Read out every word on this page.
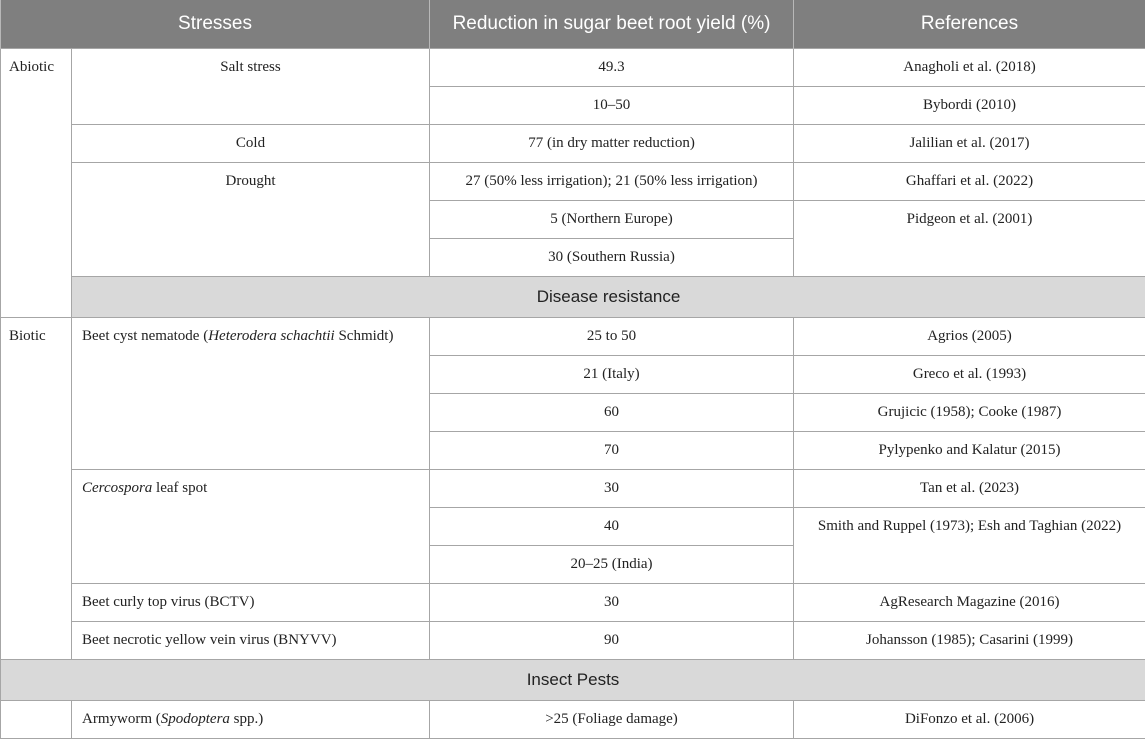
Stresses		Reduction in sugar beet root yield (%)	References
Abiotic	Salt stress	49.3	Anagholi et al. (2018)
		10–50	Bybordi (2010)
	Cold	77 (in dry matter reduction)	Jalilian et al. (2017)
	Drought	27 (50% less irrigation); 21 (50% less irrigation)	Ghaffari et al. (2022)
		5 (Northern Europe)	Pidgeon et al. (2001)
		30 (Southern Russia)	
	Disease resistance		
Biotic	Beet cyst nematode (Heterodera schachtii Schmidt)	25 to 50	Agrios (2005)
		21 (Italy)	Greco et al. (1993)
		60	Grujicic (1958); Cooke (1987)
		70	Pylypenko and Kalatur (2015)
	Cercospora leaf spot	30	Tan et al. (2023)
		40	Smith and Ruppel (1973); Esh and Taghian (2022)
		20–25 (India)	
	Beet curly top virus (BCTV)	30	AgResearch Magazine (2016)
	Beet necrotic yellow vein virus (BNYVV)	90	Johansson (1985); Casarini (1999)
Insect Pests			
	Armyworm (Spodoptera spp.)	>25 (Foliage damage)	DiFonzo et al. (2006)
